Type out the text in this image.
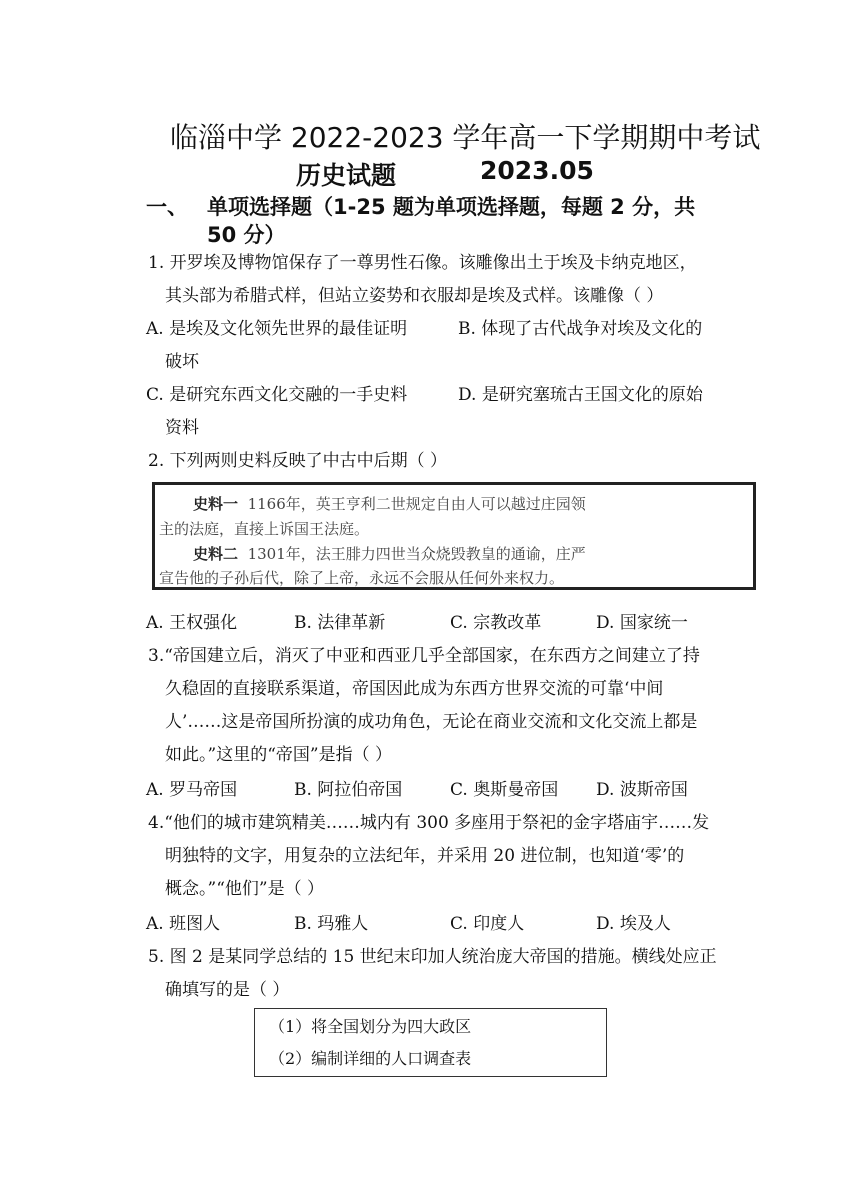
临淄中学 2022-2023 学年高一下学期期中考试
历史试题	2023.05
一、 单项选择题（1-25 题为单项选择题，每题 2 分，共
50 分）
1. 开罗埃及博物馆保存了一尊男性石像。该雕像出土于埃及卡纳克地区，
其头部为希腊式样，但站立姿势和衣服却是埃及式样。该雕像（ ）
A. 是埃及文化领先世界的最佳证明	B. 体现了古代战争对埃及文化的
破坏
C. 是研究东西文化交融的一手史料	D. 是研究塞琉古王国文化的原始
资料
2. 下列两则史料反映了中古中后期（ ）
史料一 1166年，英王亨利二世规定自由人可以越过庄园领
主的法庭，直接上诉国王法庭。
史料二 1301年，法王腓力四世当众烧毁教皇的通谕，庄严
宣告他的子孙后代，除了上帝，永远不会服从任何外来权力。
A. 王权强化	B. 法律革新	C. 宗教改革	D. 国家统一
3.“帝国建立后，消灭了中亚和西亚几乎全部国家，在东西方之间建立了持
久稳固的直接联系渠道，帝国因此成为东西方世界交流的可靠‘中间
人’……这是帝国所扮演的成功角色，无论在商业交流和文化交流上都是
如此。”这里的“帝国”是指（ ）
A. 罗马帝国	B. 阿拉伯帝国	C. 奥斯曼帝国 D. 波斯帝国
4.“他们的城市建筑精美……城内有 300 多座用于祭祀的金字塔庙宇……发
明独特的文字，用复杂的立法纪年，并采用 20 进位制，也知道‘零’的
概念。”“他们”是（ ）
A. 班图人	B. 玛雅人	C. 印度人	D. 埃及人
5. 图 2 是某同学总结的 15 世纪末印加人统治庞大帝国的措施。横线处应正
确填写的是（ ）
（1）将全国划分为四大政区
（2）编制详细的人口调查表
